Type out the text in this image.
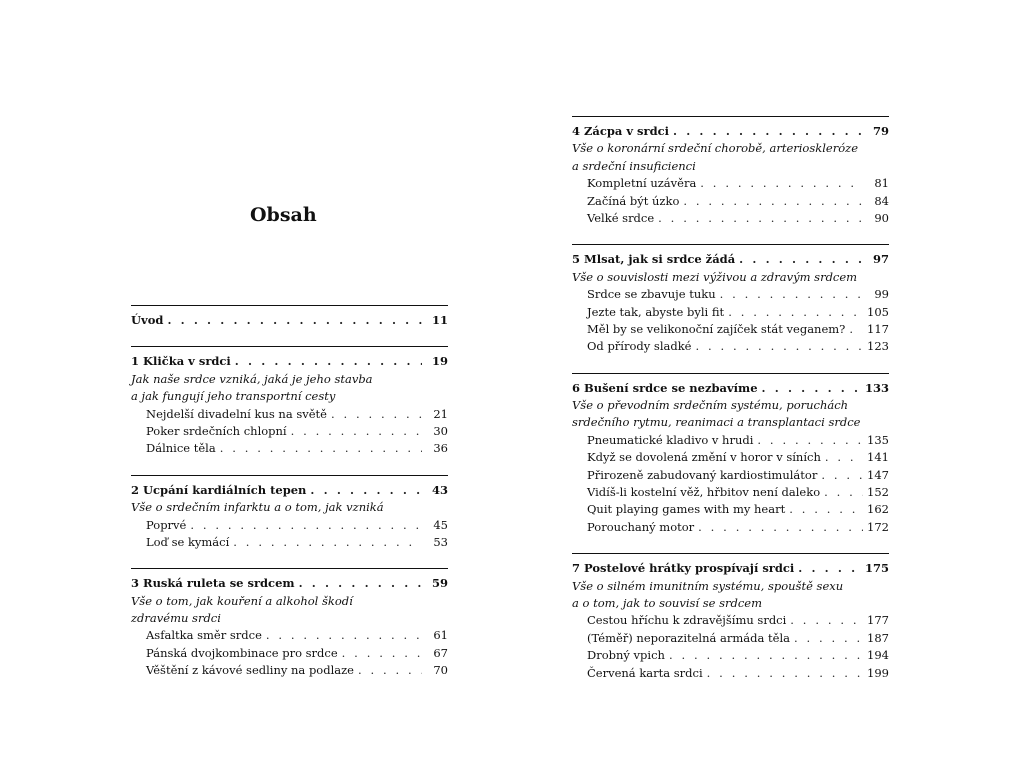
Obsah
Úvod . . .	11
1 Klička v srdci . . .	19
Jak naše srdce vzniká, jaká je jeho stavba
a jak fungují jeho transportní cesty
Nejdelší divadelní kus na světě . . .	21
Poker srdečních chlopní . . .	30
Dálnice těla . . .	36
2 Ucpání kardiálních tepen . . .	43
Vše o srdečním infarktu a o tom, jak vzniká
Poprvé . . .	45
Loď se kymácí . . .	53
3 Ruská ruleta se srdcem . . .	59
Vše o tom, jak kouření a alkohol škodí
zdravému srdci
Asfaltka směr srdce . . .	61
Pánská dvojkombinace pro srdce . . .	67
Věštění z kávové sedliny na podlaze . . .	70
4 Zácpa v srdci . . .	79
Vše o koronární srdeční chorobě, arterioskleróze
a srdeční insuficienci
Kompletní uzávěra . . .	81
Začíná být úzko . . .	84
Velké srdce . . .	90
5 Mlsat, jak si srdce žádá . . .	97
Vše o souvislosti mezi výživou a zdravým srdcem
Srdce se zbavuje tuku . . .	99
Jezte tak, abyste byli fit . . .	105
Měl by se velikonoční zajíček stát veganem? . . . 117
Od přírody sladké . . .	123
6 Bušení srdce se nezbavíme . . .	133
Vše o převodním srdečním systému, poruchách
srdečního rytmu, reanimaci a transplantaci srdce
Pneumatické kladivo v hrudi . . .	135
Když se dovolená změní v horor v síních . . .	141
Přirozeně zabudovaný kardiostimulátor . . .	147
Vidíš-li kostelní věž, hřbitov není daleko . . .	152
Quit playing games with my heart . . .	162
Porouchaný motor . . .	172
7 Postelové hrátky prospívají srdci . . .	175
Vše o silném imunitním systému, spouště sexu
a o tom, jak to souvisí se srdcem
Cestou hříchu k zdravějšímu srdci . . .	177
(Téměř) neporazitelná armáda těla . . .	187
Drobný vpich . . .	194
Červená karta srdci . . .	199
